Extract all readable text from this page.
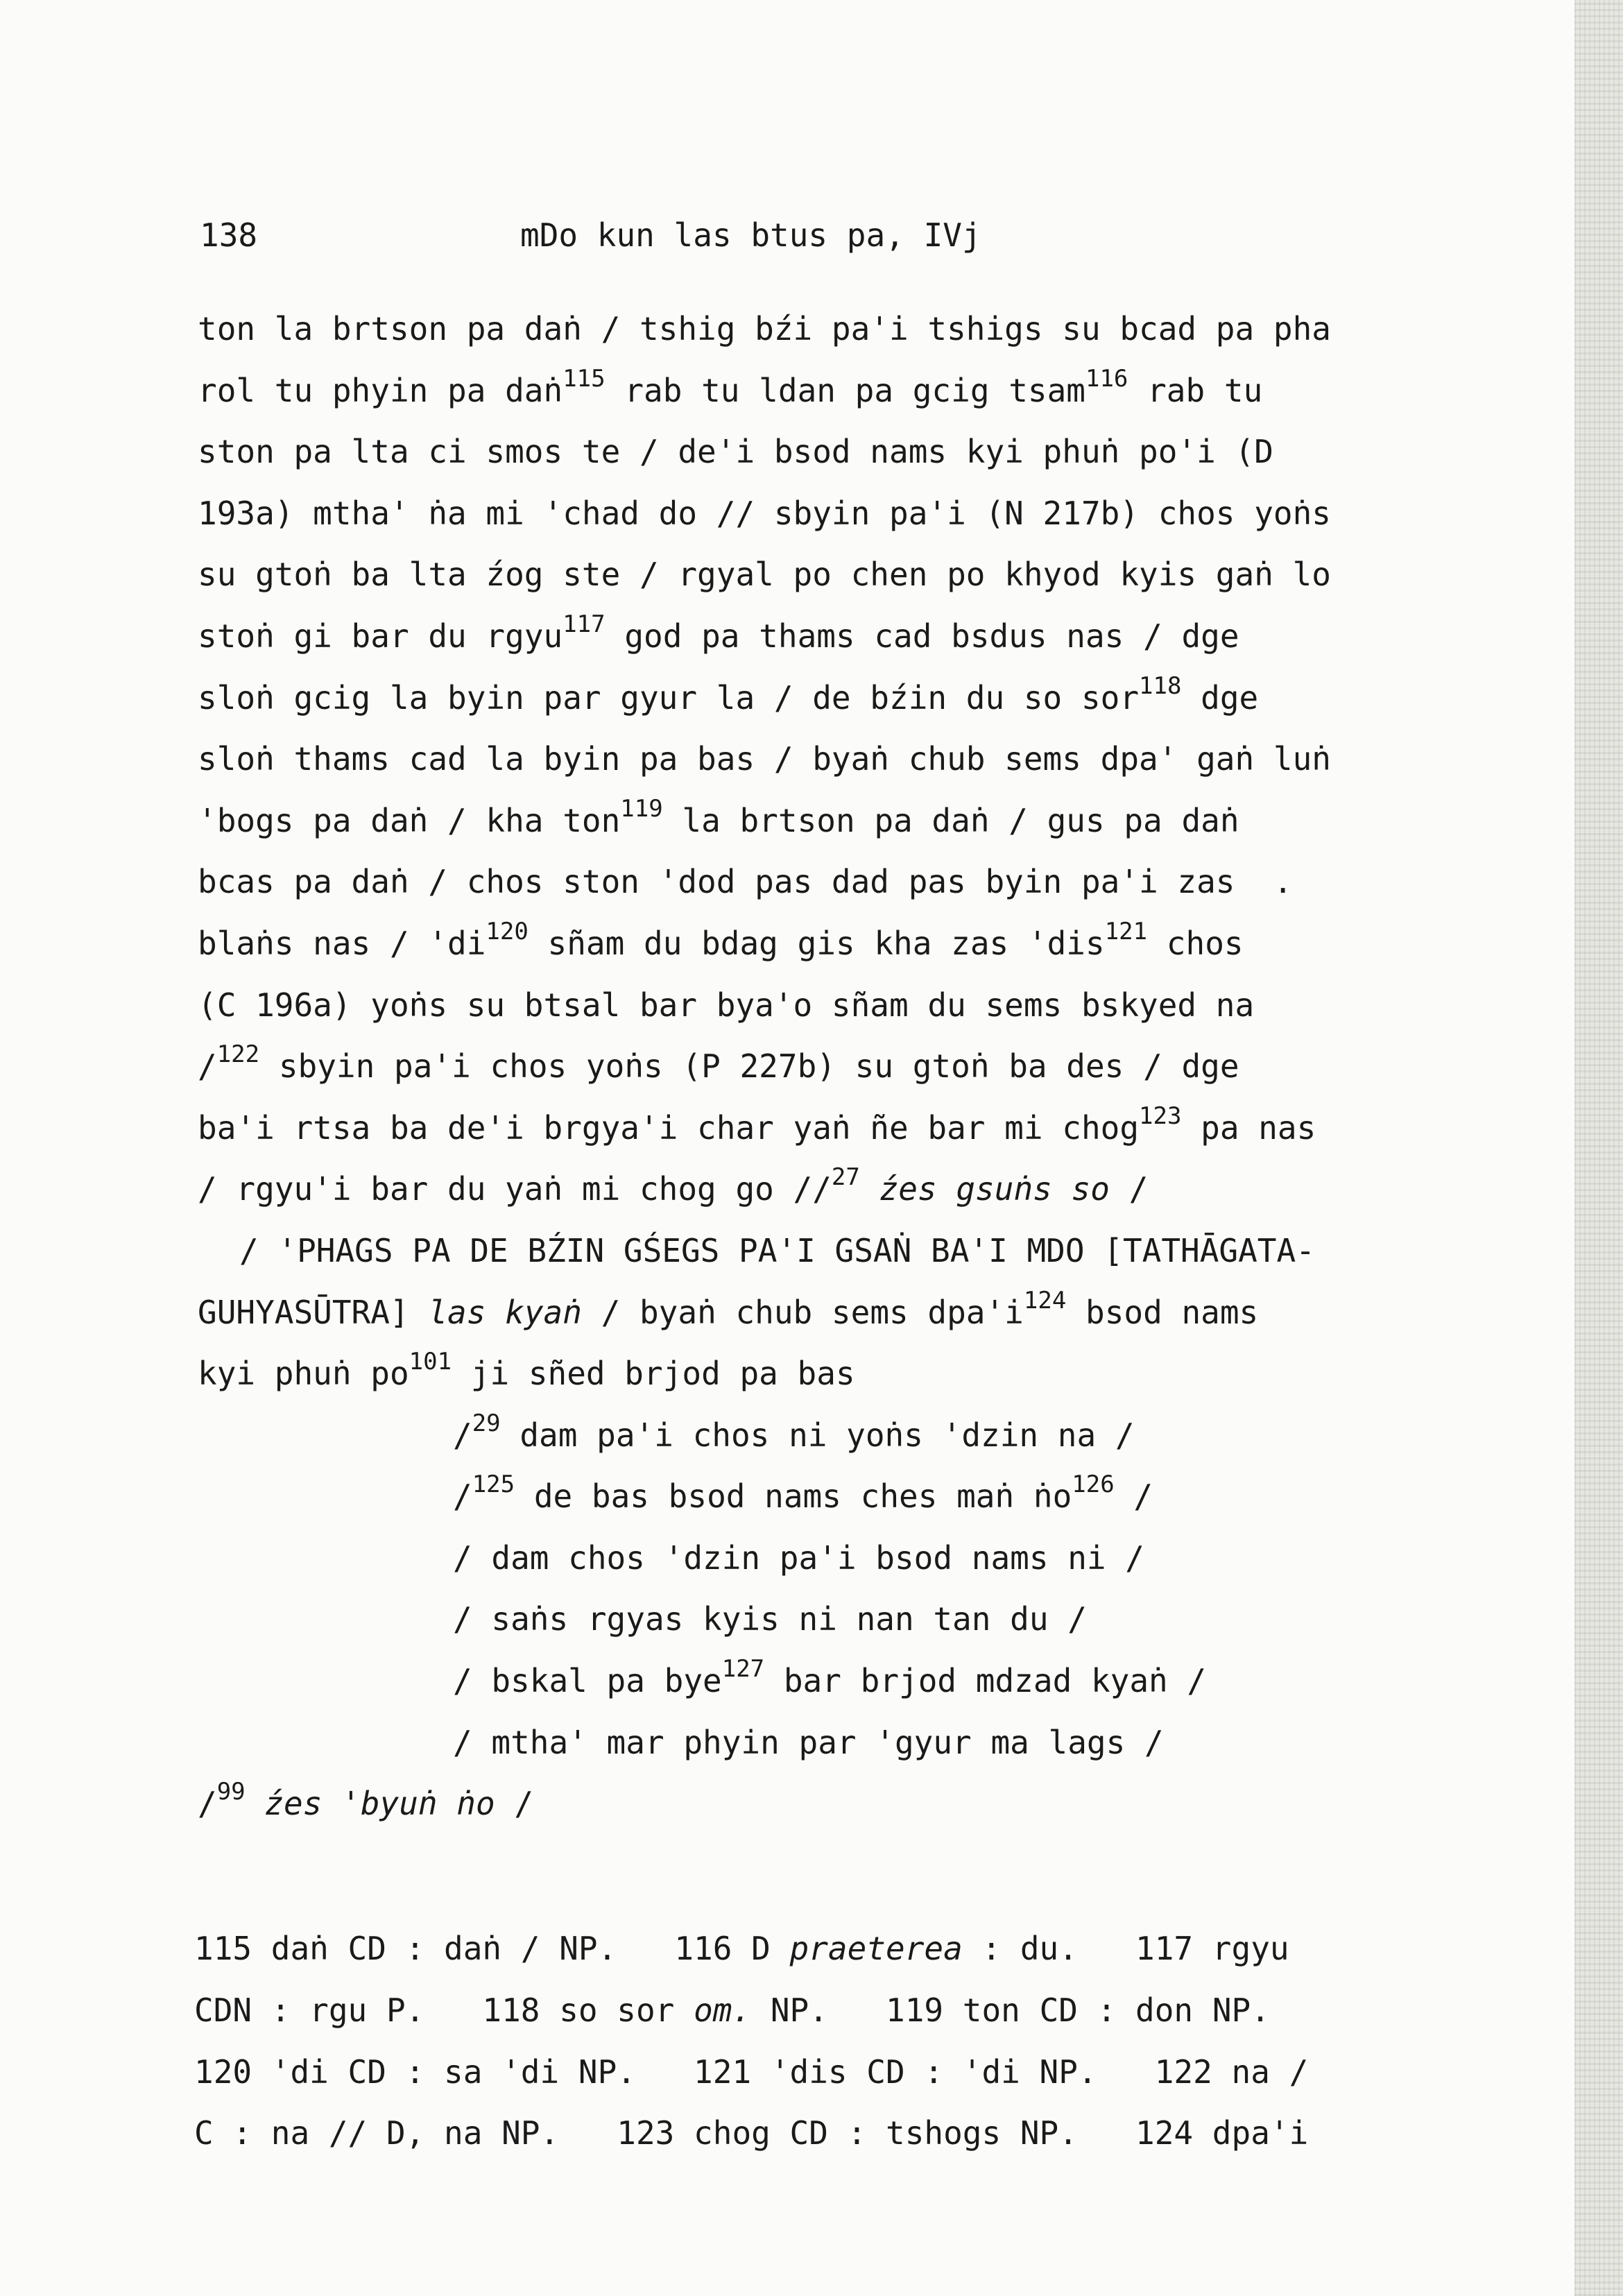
138	mDo kun las btus pa, IVj
ton la brtson pa daṅ / tshig bźi pa'i tshigs su bcad pa pha
rol tu phyin pa daṅ$^{115}$ rab tu ldan pa gcig tsam$^{116}$ rab tu
ston pa lta ci smos te / de'i bsod nams kyi phuṅ po'i (D
193a) mtha' ṅa mi 'chad do // sbyin pa'i (N 217b) chos yoṅs
su gtoṅ ba lta źog ste / rgyal po chen po khyod kyis gaṅ lo
stoṅ gi bar du rgyu$^{117}$ god pa thams cad bsdus nas / dge
sloṅ gcig la byin par gyur la / de bźin du so sor$^{118}$ dge
sloṅ thams cad la byin pa bas / byaṅ chub sems dpa' gaṅ luṅ
'bogs pa daṅ / kha ton$^{119}$ la brtson pa daṅ / gus pa daṅ
bcas pa daṅ / chos ston 'dod pas dad pas byin pa'i zas  .
blaṅs nas / '$di^{120}$ sñam du bdag gis kha zas 'dis$^{121}$ chos
(C 196a) yoṅs su btsal bar bya'o sñam du sems bskyed na
/$^{122}$ sbyin pa'i chos yoṅs (P 227b) su gtoṅ ba des / dge
ba'i rtsa ba de'i brgya'i char yaṅ ñe bar mi chog$^{123}$ pa nas
/ rgyu'i bar du yaṅ mi chog go //$^{27}$ źes gsuṅs so /
/ 'PHAGS PA DE BŹIN GŚEGS PA'I GSAṄ BA'I MDO [TATHĀGATA-
GUHYASŪTRA] las kyaṅ / byaṅ chub sems $dpa'i^{124}$ bsod nams
kyi phuṅ $po^{101}$ ji sñed brjod pa bas
/$^{29}$ dam pa'i chos ni yoṅs 'dzin na /
/$^{125}$ de bas bsod nams ches maṅ ṅo$^{126}$ /
/ dam chos 'dzin pa'i bsod nams ni /
/ saṅs rgyas kyis ni nan tan du /
/ bskal pa bye$^{127}$ bar brjod mdzad kyaṅ /
/ mtha' mar phyin par 'gyur ma lags /
/$^{99}$ źes 'byuṅ ṅo /
115 daṅ CD : daṅ / NP.   116 D praeterea : du.   117 rgyu
CDN : rgu P.   118 so sor om. NP.   119 ton CD : don NP.
120 'di CD : sa 'di NP.   121 'dis CD : 'di NP.   122 na /
C : na // D, na NP.   123 chog CD : tshogs NP.   124 dpa'i
